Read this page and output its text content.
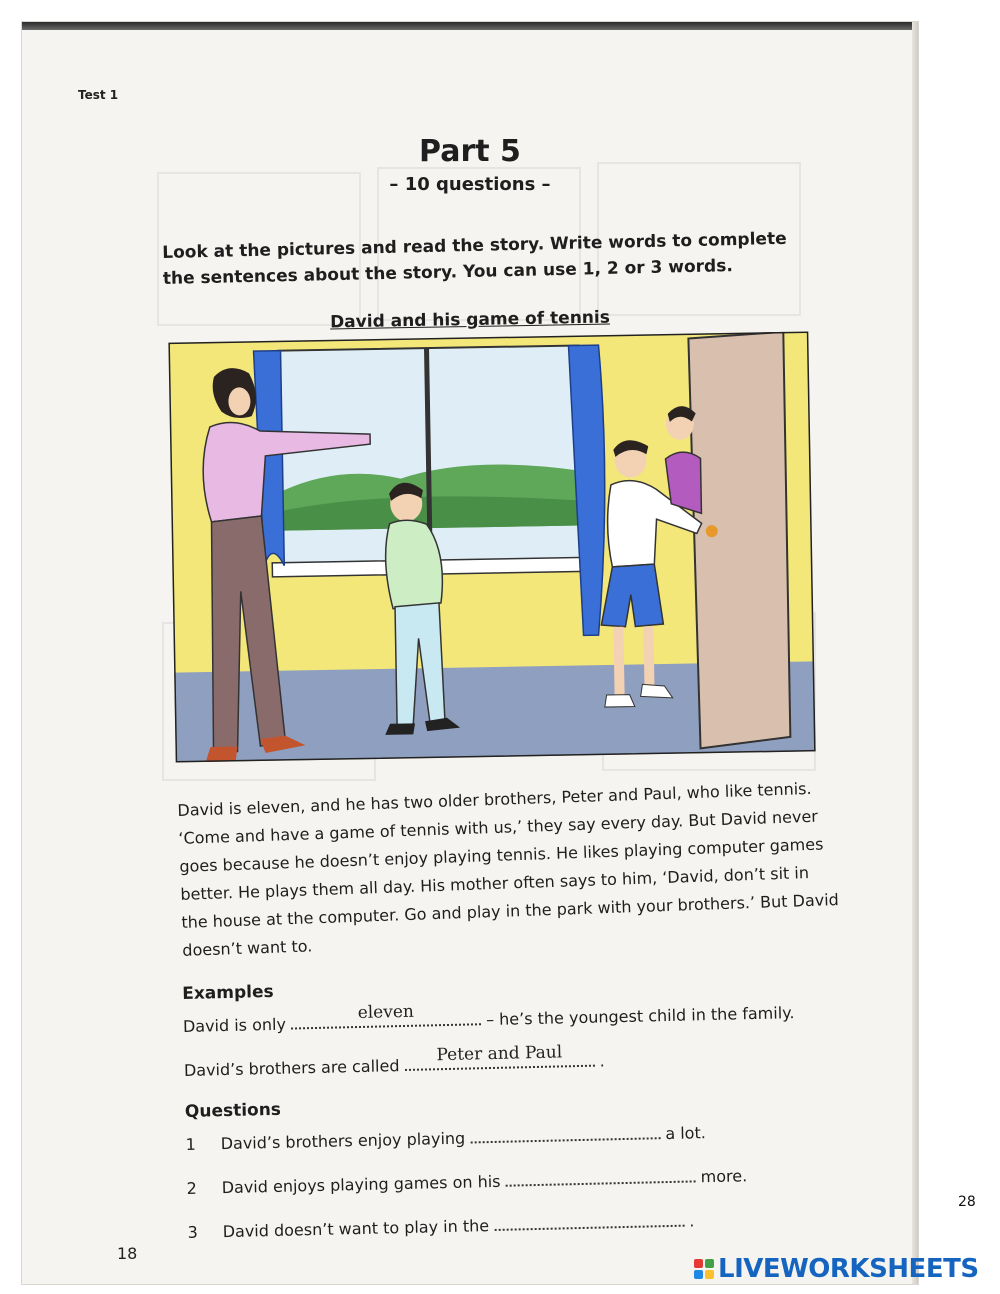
Test 1
Part 5
– 10 questions –
Look at the pictures and read the story. Write words to complete the sentences about the story. You can use 1, 2 or 3 words.
David and his game of tennis
David is eleven, and he has two older brothers, Peter and Paul, who like tennis. ‘Come and have a game of tennis with us,’ they say every day. But David never goes because he doesn’t enjoy playing tennis. He likes playing computer games better. He plays them all day. His mother often says to him, ‘David, don’t sit in the house at the computer. Go and play in the park with your brothers.’ But David doesn’t want to.
Examples
David is only
eleven	– he’s the youngest child in the family.
David’s brothers are called
Peter and Paul	.
Questions
1 David’s brothers enjoy playing	a lot.
2 David enjoys playing games on his	more.
3 David doesn’t want to play in the	.
18
28
LIVEWORKSHEETS
